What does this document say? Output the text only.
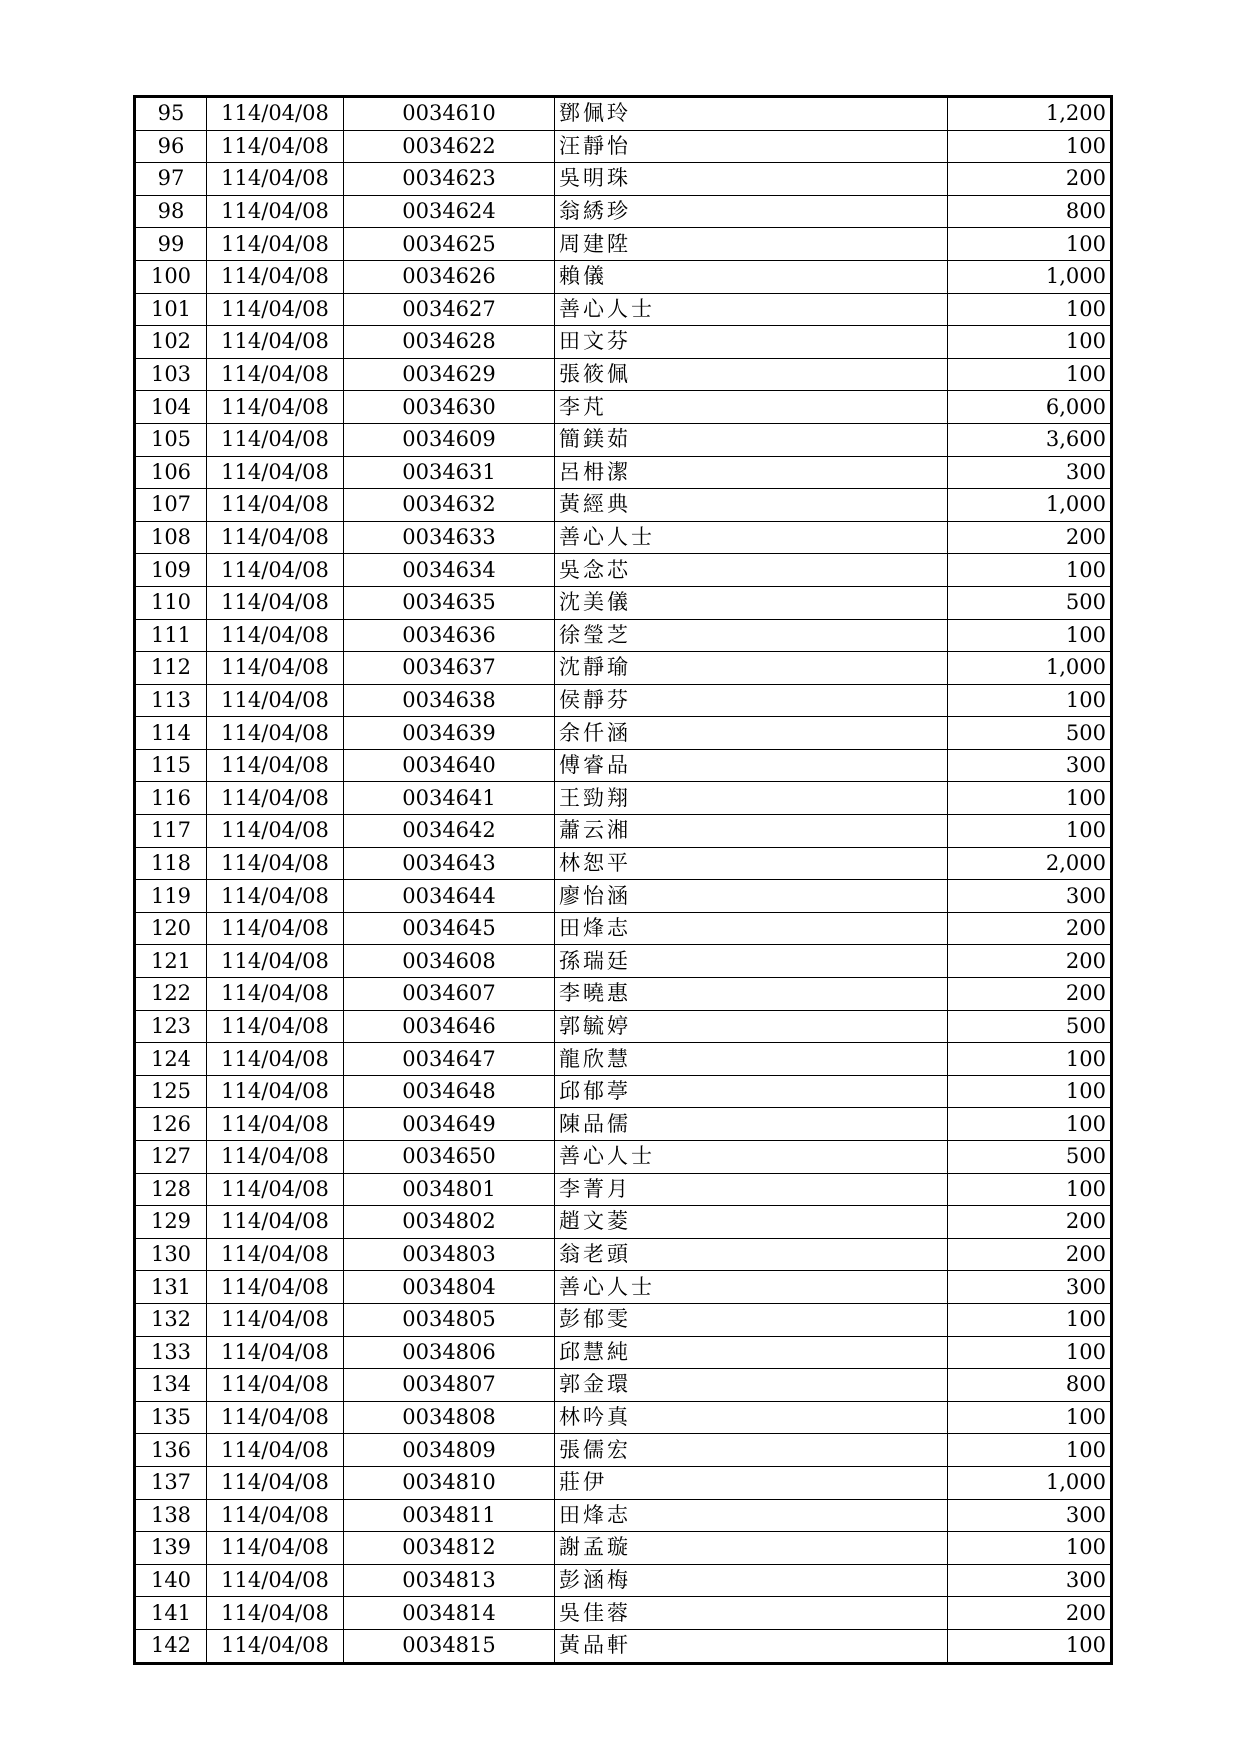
95	114/04/08	0034610	鄧佩玲	1,200
96	114/04/08	0034622	汪靜怡	100
97	114/04/08	0034623	吳明珠	200
98	114/04/08	0034624	翁綉珍	800
99	114/04/08	0034625	周建陞	100
100	114/04/08	0034626	賴儀	1,000
101	114/04/08	0034627	善心人士	100
102	114/04/08	0034628	田文芬	100
103	114/04/08	0034629	張筱佩	100
104	114/04/08	0034630	李芃	6,000
105	114/04/08	0034609	簡鎂茹	3,600
106	114/04/08	0034631	呂枏潔	300
107	114/04/08	0034632	黃經典	1,000
108	114/04/08	0034633	善心人士	200
109	114/04/08	0034634	吳念芯	100
110	114/04/08	0034635	沈美儀	500
111	114/04/08	0034636	徐瑩芝	100
112	114/04/08	0034637	沈靜瑜	1,000
113	114/04/08	0034638	侯靜芬	100
114	114/04/08	0034639	余仟涵	500
115	114/04/08	0034640	傅睿品	300
116	114/04/08	0034641	王勁翔	100
117	114/04/08	0034642	蕭云湘	100
118	114/04/08	0034643	林恕平	2,000
119	114/04/08	0034644	廖怡涵	300
120	114/04/08	0034645	田烽志	200
121	114/04/08	0034608	孫瑞廷	200
122	114/04/08	0034607	李曉惠	200
123	114/04/08	0034646	郭毓婷	500
124	114/04/08	0034647	龍欣慧	100
125	114/04/08	0034648	邱郁葶	100
126	114/04/08	0034649	陳品儒	100
127	114/04/08	0034650	善心人士	500
128	114/04/08	0034801	李菁月	100
129	114/04/08	0034802	趙文菱	200
130	114/04/08	0034803	翁老頭	200
131	114/04/08	0034804	善心人士	300
132	114/04/08	0034805	彭郁雯	100
133	114/04/08	0034806	邱慧純	100
134	114/04/08	0034807	郭金環	800
135	114/04/08	0034808	林吟真	100
136	114/04/08	0034809	張儒宏	100
137	114/04/08	0034810	莊伊	1,000
138	114/04/08	0034811	田烽志	300
139	114/04/08	0034812	謝孟璇	100
140	114/04/08	0034813	彭涵梅	300
141	114/04/08	0034814	吳佳蓉	200
142	114/04/08	0034815	黃品軒	100
